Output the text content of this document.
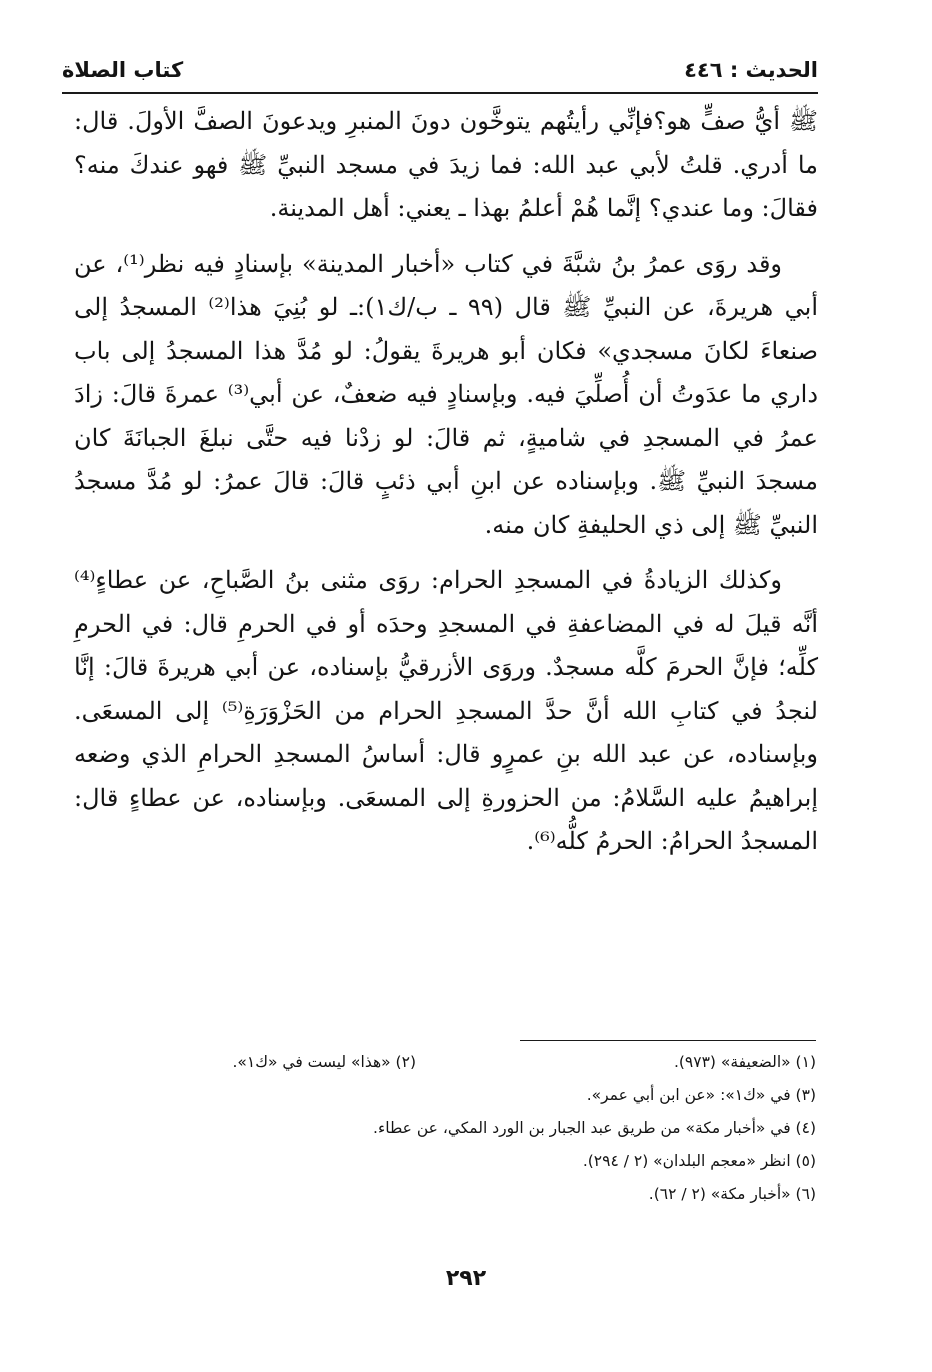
الحديث : ٤٤٦
كتاب الصلاة

ﷺ أيُّ صفٍّ هو؟فإنِّي رأيتُهم يتوخَّون دونَ المنبرِ ويدعونَ الصفَّ الأولَ. قال: ما أدري. قلتُ لأبي عبد الله: فما زيدَ في مسجد النبيِّ ﷺ فهو عندكَ منه؟ فقالَ: وما عندي؟ إنَّما هُمْ أعلمُ بهذا ـ يعني: أهل المدينة.

وقد روَى عمرُ بنُ شبَّةَ في كتاب «أخبار المدينة» بإسنادٍ فيه نظر⁽¹⁾، عن أبي هريرةَ، عن النبيِّ ﷺ قال (٩٩ ـ ب/ك١):ـ لو بُنِيَ هذا⁽²⁾ المسجدُ إلى صنعاءَ لكانَ مسجدي» فكان أبو هريرةَ يقولُ: لو مُدَّ هذا المسجدُ إلى باب داري ما عدَوتُ أن أُصلِّيَ فيه. وبإسنادٍ فيه ضعفٌ، عن أبي⁽³⁾ عمرةَ قالَ: زادَ عمرُ في المسجدِ في شاميةٍ، ثم قالَ: لو زدْنا فيه حتَّى نبلغَ الجبانَةَ كان مسجدَ النبيِّ ﷺ. وبإسناده عن ابنِ أبي ذئبٍ قالَ: قالَ عمرُ: لو مُدَّ مسجدُ النبيِّ ﷺ إلى ذي الحليفةِ كان منه.

وكذلك الزيادةُ في المسجدِ الحرام: روَى مثنى بنُ الصَّباحِ، عن عطاءٍ⁽⁴⁾ أنَّه قيلَ له في المضاعفةِ في المسجدِ وحدَه أو في الحرمِ قال: في الحرمِ كلِّه؛ فإنَّ الحرمَ كلَّه مسجدٌ. وروَى الأزرقيُّ بإسناده، عن أبي هريرةَ قالَ: إنَّا لنجدُ في كتابِ الله أنَّ حدَّ المسجدِ الحرام من الحَزْوَرَةِ⁽⁵⁾ إلى المسعَى. وبإسناده، عن عبد الله بنِ عمرٍو قال: أساسُ المسجدِ الحرامِ الذي وضعه إبراهيمُ عليه السَّلامُ: من الحزورةِ إلى المسعَى. وبإسناده، عن عطاءٍ قال: المسجدُ الحرامُ: الحرمُ كلُّه⁽⁶⁾.

(١) «الضعيفة» (٩٧٣).
(٢) «هذا» ليست في «ك١».
(٣) في «ك١»: «عن ابن أبي عمر».
(٤) في «أخبار مكة» من طريق عبد الجبار بن الورد المكي، عن عطاء.
(٥) انظر «معجم البلدان» (٢ / ٢٩٤).
(٦) «أخبار مكة» (٢ / ٦٢).
٢٩٢
